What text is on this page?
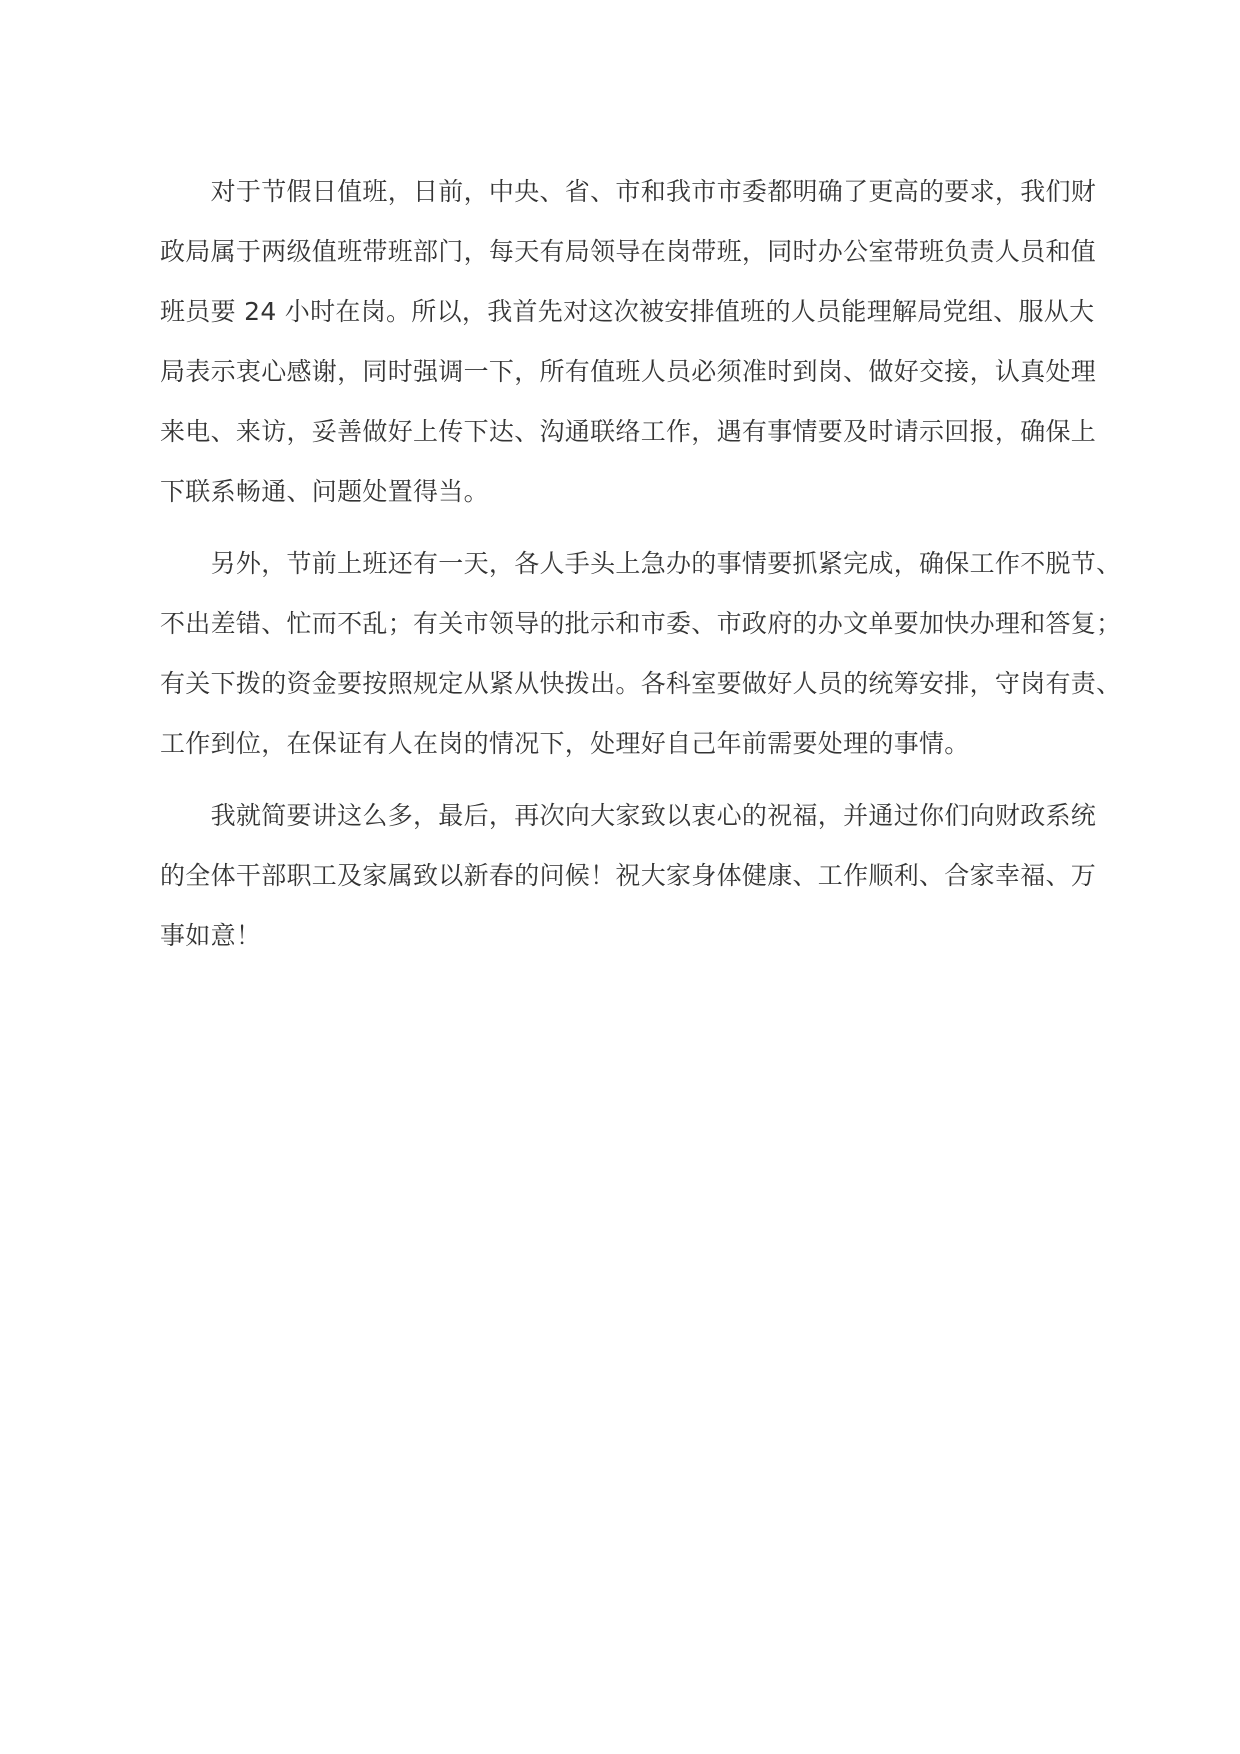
　　对于节假日值班，日前，中央、省、市和我市市委都明确了更高的要求，我们财
政局属于两级值班带班部门，每天有局领导在岗带班，同时办公室带班负责人员和值
班员要 24 小时在岗。所以，我首先对这次被安排值班的人员能理解局党组、服从大
局表示衷心感谢，同时强调一下，所有值班人员必须准时到岗、做好交接，认真处理
来电、来访，妥善做好上传下达、沟通联络工作，遇有事情要及时请示回报，确保上
下联系畅通、问题处置得当。
　　另外，节前上班还有一天，各人手头上急办的事情要抓紧完成，确保工作不脱节、
不出差错、忙而不乱；有关市领导的批示和市委、市政府的办文单要加快办理和答复；
有关下拨的资金要按照规定从紧从快拨出。各科室要做好人员的统筹安排，守岗有责、
工作到位，在保证有人在岗的情况下，处理好自己年前需要处理的事情。
　　我就简要讲这么多，最后，再次向大家致以衷心的祝福，并通过你们向财政系统
的全体干部职工及家属致以新春的问候！祝大家身体健康、工作顺利、合家幸福、万
事如意！
